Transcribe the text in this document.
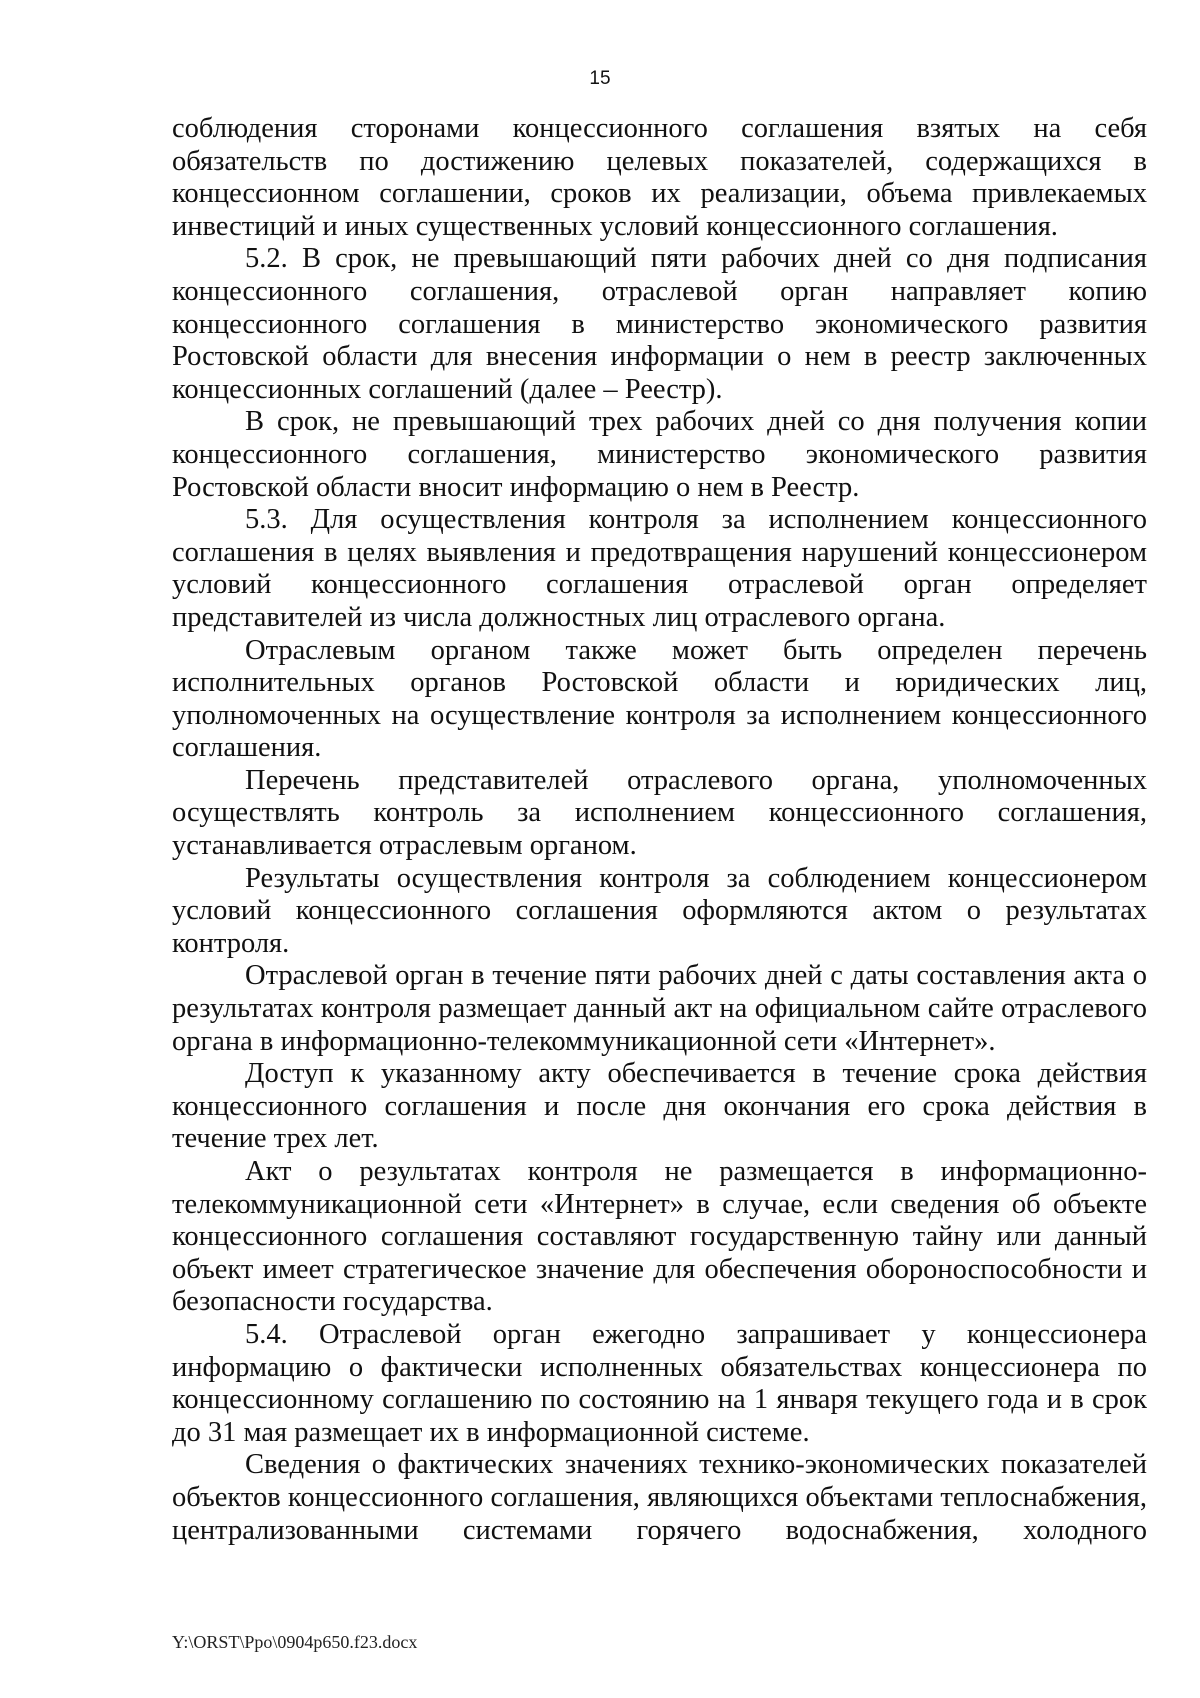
15

соблюдения сторонами концессионного соглашения взятых на себя обязательств по достижению целевых показателей, содержащихся в концессионном соглашении, сроков их реализации, объема привлекаемых инвестиций и иных существенных условий концессионного соглашения.

5.2. В срок, не превышающий пяти рабочих дней со дня подписания концессионного соглашения, отраслевой орган направляет копию концессионного соглашения в министерство экономического развития Ростовской области для внесения информации о нем в реестр заключенных концессионных соглашений (далее – Реестр).

В срок, не превышающий трех рабочих дней со дня получения копии концессионного соглашения, министерство экономического развития Ростовской области вносит информацию о нем в Реестр.

5.3. Для осуществления контроля за исполнением концессионного соглашения в целях выявления и предотвращения нарушений концессионером условий концессионного соглашения отраслевой орган определяет представителей из числа должностных лиц отраслевого органа.

Отраслевым органом также может быть определен перечень исполнительных органов Ростовской области и юридических лиц, уполномоченных на осуществление контроля за исполнением концессионного соглашения.

Перечень представителей отраслевого органа, уполномоченных осуществлять контроль за исполнением концессионного соглашения, устанавливается отраслевым органом.

Результаты осуществления контроля за соблюдением концессионером условий концессионного соглашения оформляются актом о результатах контроля.

Отраслевой орган в течение пяти рабочих дней с даты составления акта о результатах контроля размещает данный акт на официальном сайте отраслевого органа в информационно-телекоммуникационной сети «Интернет».

Доступ к указанному акту обеспечивается в течение срока действия концессионного соглашения и после дня окончания его срока действия в течение трех лет.

Акт о результатах контроля не размещается в информационно-телекоммуникационной сети «Интернет» в случае, если сведения об объекте концессионного соглашения составляют государственную тайну или данный объект имеет стратегическое значение для обеспечения обороноспособности и безопасности государства.

5.4. Отраслевой орган ежегодно запрашивает у концессионера информацию о фактически исполненных обязательствах концессионера по концессионному соглашению по состоянию на 1 января текущего года и в срок до 31 мая размещает их в информационной системе.

Сведения о фактических значениях технико-экономических показателей объектов концессионного соглашения, являющихся объектами теплоснабжения, централизованными системами горячего водоснабжения, холодного

Y:\ORST\Ppo\0904p650.f23.docx
